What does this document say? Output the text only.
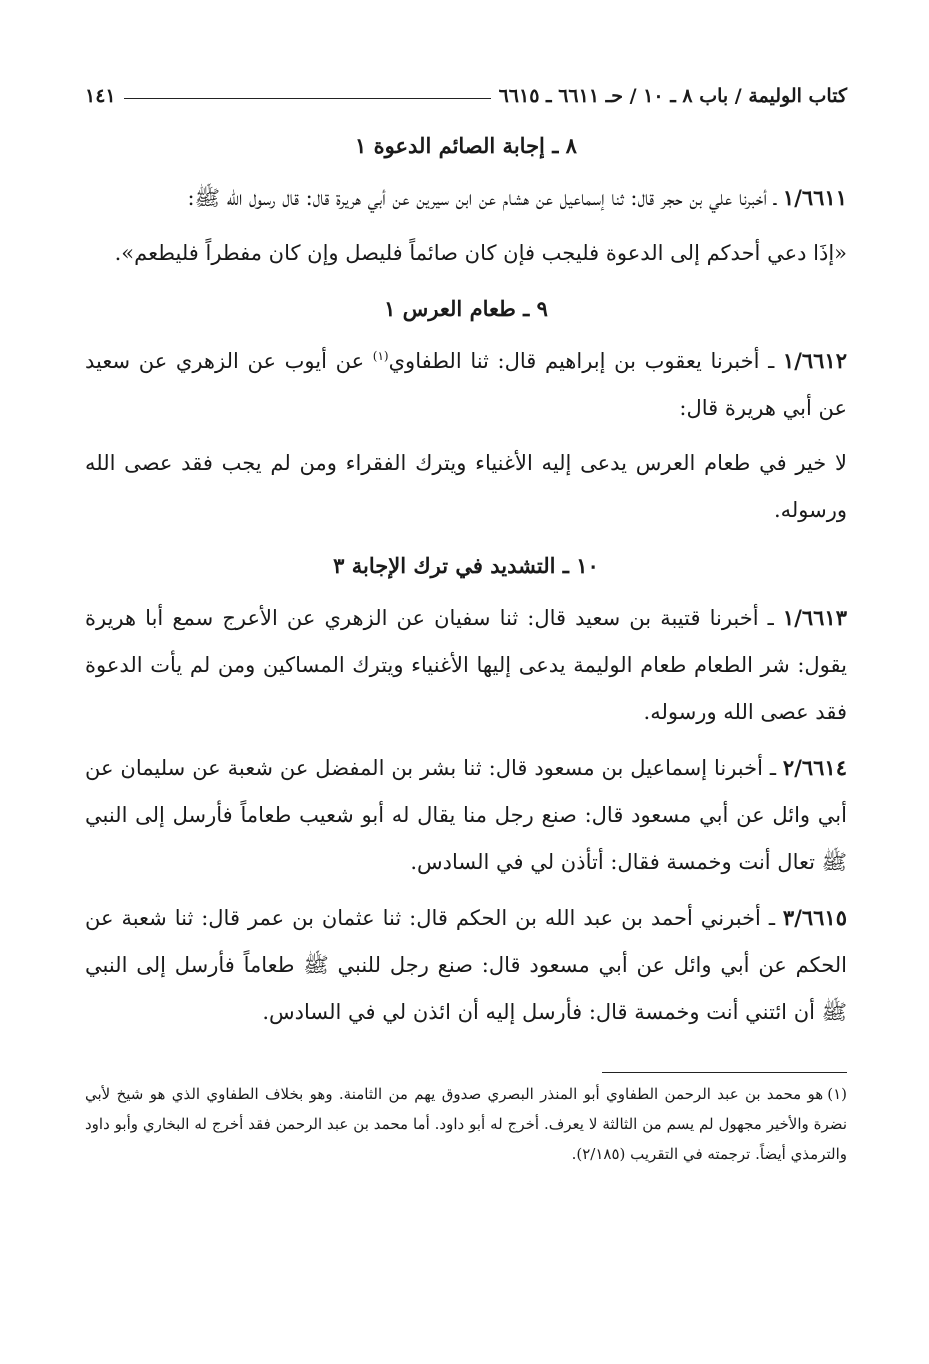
كتاب الوليمة / باب ٨ ـ ١٠ / حـ ٦٦١١ ـ ٦٦١٥
١٤١
٨ ـ إجابة الصائم الدعوة ١

١/٦٦١١ ـ أخبرنا علي بن حجر قال: ثنا إسماعيل عن هشام عن ابن سيرين عن أبي هريرة قال: قال رسول الله ﷺ:

«إذَا دعي أحدكم إلى الدعوة فليجب فإن كان صائماً فليصل وإن كان مفطراً فليطعم».

٩ ـ طعام العرس ١

١/٦٦١٢ ـ أخبرنا يعقوب بن إبراهيم قال: ثنا الطفاوي$^{(١)}$ عن أيوب عن الزهري عن سعيد عن أبي هريرة قال:

لا خير في طعام العرس يدعى إليه الأغنياء ويترك الفقراء ومن لم يجب فقد عصى الله ورسوله.

١٠ ـ التشديد في ترك الإجابة ٣

١/٦٦١٣ ـ أخبرنا قتيبة بن سعيد قال: ثنا سفيان عن الزهري عن الأعرج سمع أبا هريرة يقول: شر الطعام طعام الوليمة يدعى إليها الأغنياء ويترك المساكين ومن لم يأت الدعوة فقد عصى الله ورسوله.

٢/٦٦١٤ ـ أخبرنا إسماعيل بن مسعود قال: ثنا بشر بن المفضل عن شعبة عن سليمان عن أبي وائل عن أبي مسعود قال: صنع رجل منا يقال له أبو شعيب طعاماً فأرسل إلى النبي ﷺ تعال أنت وخمسة فقال: أتأذن لي في السادس.

٣/٦٦١٥ ـ أخبرني أحمد بن عبد الله بن الحكم قال: ثنا عثمان بن عمر قال: ثنا شعبة عن الحكم عن أبي وائل عن أبي مسعود قال: صنع رجل للنبي ﷺ طعاماً فأرسل إلى النبي ﷺ أن ائتني أنت وخمسة قال: فأرسل إليه أن ائذن لي في السادس.

(١)هو محمد بن عبد الرحمن الطفاوي أبو المنذر البصري صدوق يهم من الثامنة. وهو بخلاف الطفاوي الذي هو شيخ لأبي نضرة والأخير مجهول لم يسم من الثالثة لا يعرف. أخرج له أبو داود. أما محمد بن عبد الرحمن فقد أخرج له البخاري وأبو داود والترمذي أيضاً. ترجمته في التقريب (٢/١٨٥).
